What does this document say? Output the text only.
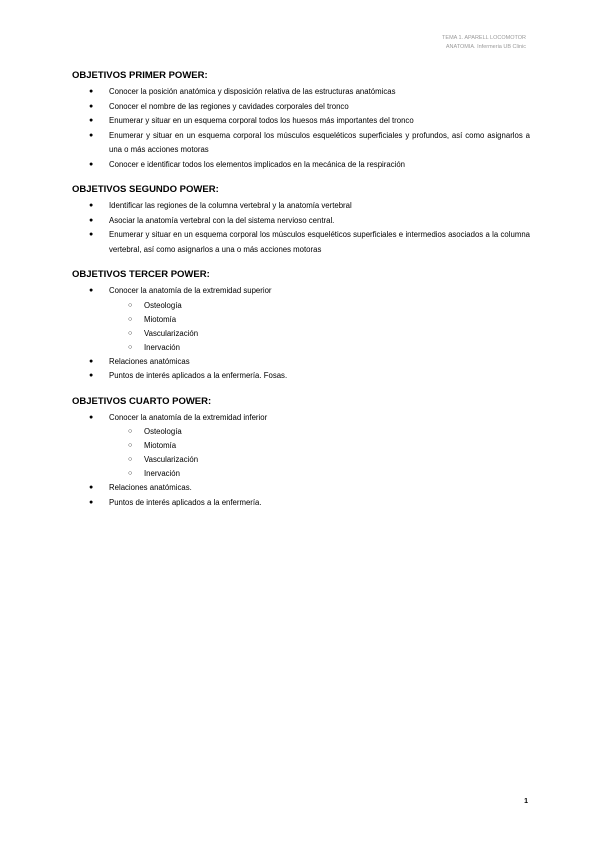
TEMA 1. APARELL LOCOMOTOR
ANATOMIA. Infermeria UB Clinic
OBJETIVOS PRIMER POWER:
● Conocer la posición anatómica y disposición relativa de las estructuras anatómicas
● Conocer el nombre de las regiones y cavidades corporales del tronco
● Enumerar y situar en un esquema corporal todos los huesos más importantes del tronco
● Enumerar y situar en un esquema corporal los músculos esqueléticos superficiales y profundos, así como asignarlos a una o más acciones motoras
● Conocer e identificar todos los elementos implicados en la mecánica de la respiración
OBJETIVOS SEGUNDO POWER:
● Identificar las regiones de la columna vertebral y la anatomía vertebral
● Asociar la anatomía vertebral con la del sistema nervioso central.
● Enumerar y situar en un esquema corporal los músculos esqueléticos superficiales e intermedios asociados a la columna vertebral, así como asignarlos a una o más acciones motoras
OBJETIVOS TERCER POWER:
● Conocer la anatomía de la extremidad superior
○ Osteología
○ Miotomía
○ Vascularización
○ Inervación
● Relaciones anatómicas
● Puntos de interés aplicados a la enfermería. Fosas.
OBJETIVOS CUARTO POWER:
● Conocer la anatomía de la extremidad inferior
○ Osteología
○ Miotomía
○ Vascularización
○ Inervación
● Relaciones anatómicas.
● Puntos de interés aplicados a la enfermería.
1
